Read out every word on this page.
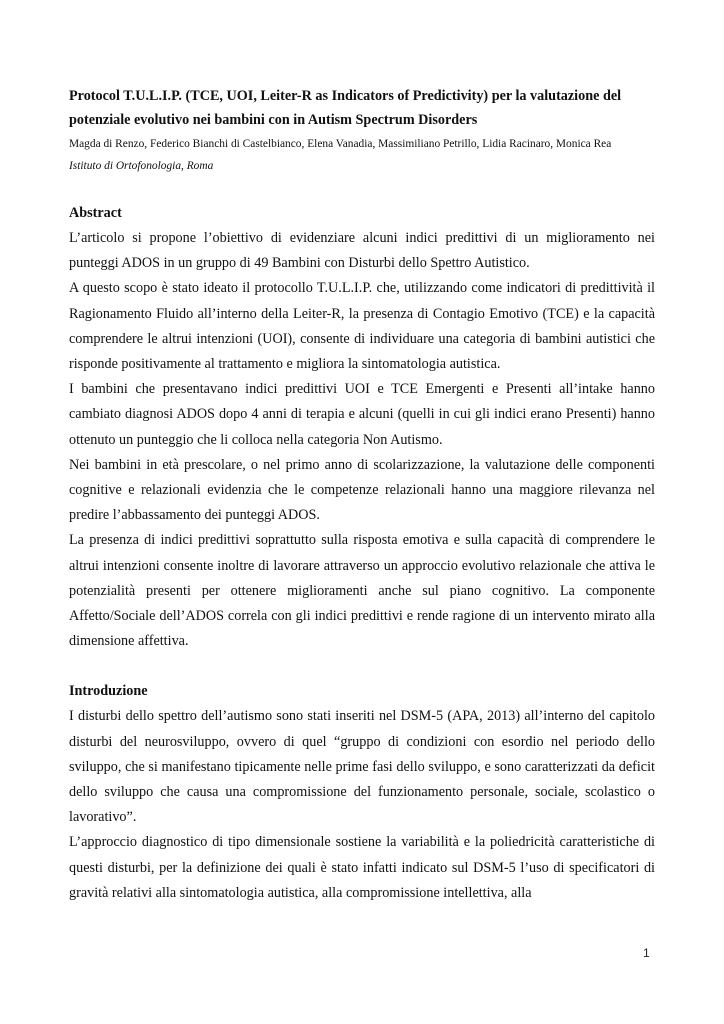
Protocol T.U.L.I.P. (TCE, UOI, Leiter-R as Indicators of Predictivity) per la valutazione del potenziale evolutivo nei bambini con in Autism Spectrum Disorders

Magda di Renzo, Federico Bianchi di Castelbianco, Elena Vanadia, Massimiliano Petrillo, Lidia Racinaro, Monica Rea

Istituto di Ortofonologia, Roma

Abstract

L’articolo si propone l’obiettivo di evidenziare alcuni indici predittivi di un miglioramento nei punteggi ADOS in un gruppo di 49 Bambini con Disturbi dello Spettro Autistico.

A questo scopo è stato ideato il protocollo T.U.L.I.P. che, utilizzando come indicatori di predittività il Ragionamento Fluido all’interno della Leiter-R, la presenza di Contagio Emotivo (TCE) e la capacità comprendere le altrui intenzioni (UOI), consente di individuare una categoria di bambini autistici che risponde positivamente al trattamento e migliora la sintomatologia autistica.

I bambini che presentavano indici predittivi UOI e TCE Emergenti e Presenti all’intake hanno cambiato diagnosi ADOS dopo 4 anni di terapia e alcuni (quelli in cui gli indici erano Presenti) hanno ottenuto un punteggio che li colloca nella categoria Non Autismo.

Nei bambini in età prescolare, o nel primo anno di scolarizzazione, la valutazione delle componenti cognitive e relazionali evidenzia che le competenze relazionali hanno una maggiore rilevanza nel predire l’abbassamento dei punteggi ADOS.

La presenza di indici predittivi soprattutto sulla risposta emotiva e sulla capacità di comprendere le altrui intenzioni consente inoltre di lavorare attraverso un approccio evolutivo relazionale che attiva le potenzialità presenti per ottenere miglioramenti anche sul piano cognitivo. La componente Affetto/Sociale dell’ADOS correla con gli indici predittivi e rende ragione di un intervento mirato alla dimensione affettiva.

Introduzione

I disturbi dello spettro dell’autismo sono stati inseriti nel DSM-5 (APA, 2013) all’interno del capitolo disturbi del neurosviluppo, ovvero di quel “gruppo di condizioni con esordio nel periodo dello sviluppo, che si manifestano tipicamente nelle prime fasi dello sviluppo, e sono caratterizzati da deficit dello sviluppo che causa una compromissione del funzionamento personale, sociale, scolastico o lavorativo”.

L’approccio diagnostico di tipo dimensionale sostiene la variabilità e la poliedricità caratteristiche di questi disturbi, per la definizione dei quali è stato infatti indicato sul DSM-5 l’uso di specificatori di gravità relativi alla sintomatologia autistica, alla compromissione intellettiva, alla

1
